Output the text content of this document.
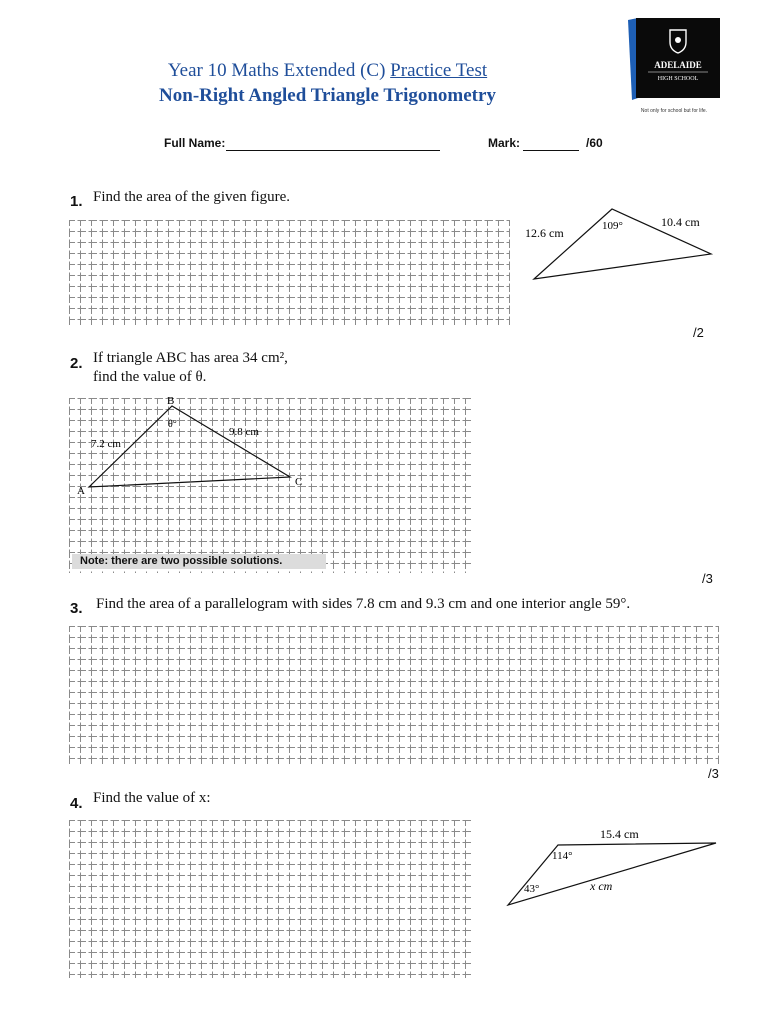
Year 10 Maths Extended (C) Practice Test
Non-Right Angled Triangle Trigonometry
ADELAIDE
HIGH SCHOOL
Not only for school but for life.
Full Name:	Mark:	/60
1. Find the area of the given figure.
12.6 cm	109°	10.4 cm
/2
2. If triangle ABC has area 34 cm²,
find the value of θ.
B
A
C
7.2 cm
9.8 cm
θ°
Note: there are two possible solutions.
/3
3. Find the area of a parallelogram with sides 7.8 cm and 9.3 cm and one interior angle 59°.
/3
4. Find the value of x:
15.4 cm
114°
43°	x cm
